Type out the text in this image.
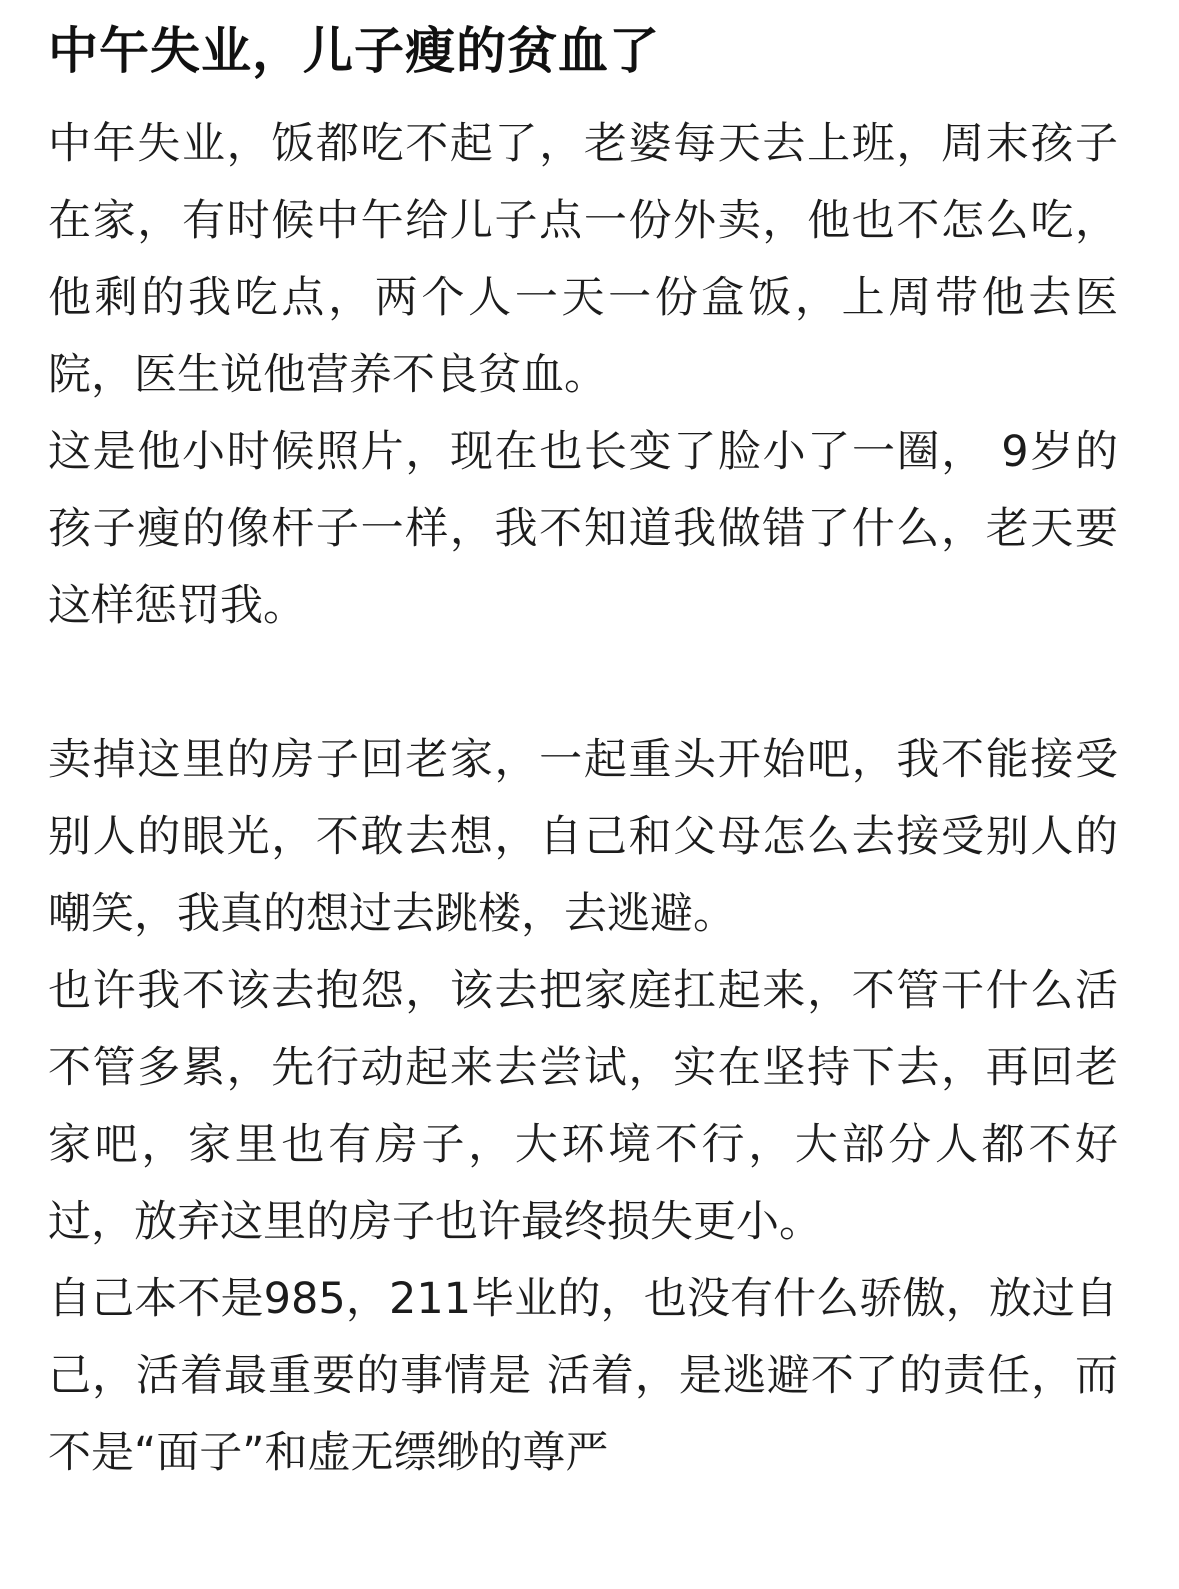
中午失业，儿子瘦的贫血了

中年失业，饭都吃不起了，老婆每天去上班，周末孩子在家，有时候中午给儿子点一份外卖，他也不怎么吃，他剩的我吃点，两个人一天一份盒饭，上周带他去医院，医生说他营养不良贫血。

这是他小时候照片，现在也长变了脸小了一圈， 9岁的孩子瘦的像杆子一样，我不知道我做错了什么，老天要这样惩罚我。

卖掉这里的房子回老家，一起重头开始吧，我不能接受别人的眼光，不敢去想，自己和父母怎么去接受别人的嘲笑，我真的想过去跳楼，去逃避。

也许我不该去抱怨，该去把家庭扛起来，不管干什么活不管多累，先行动起来去尝试，实在坚持下去，再回老家吧，家里也有房子，大环境不行，大部分人都不好过，放弃这里的房子也许最终损失更小。

自己本不是985，211毕业的，也没有什么骄傲，放过自己，活着最重要的事情是 活着，是逃避不了的责任，而不是“面子”和虚无缥缈的尊严
